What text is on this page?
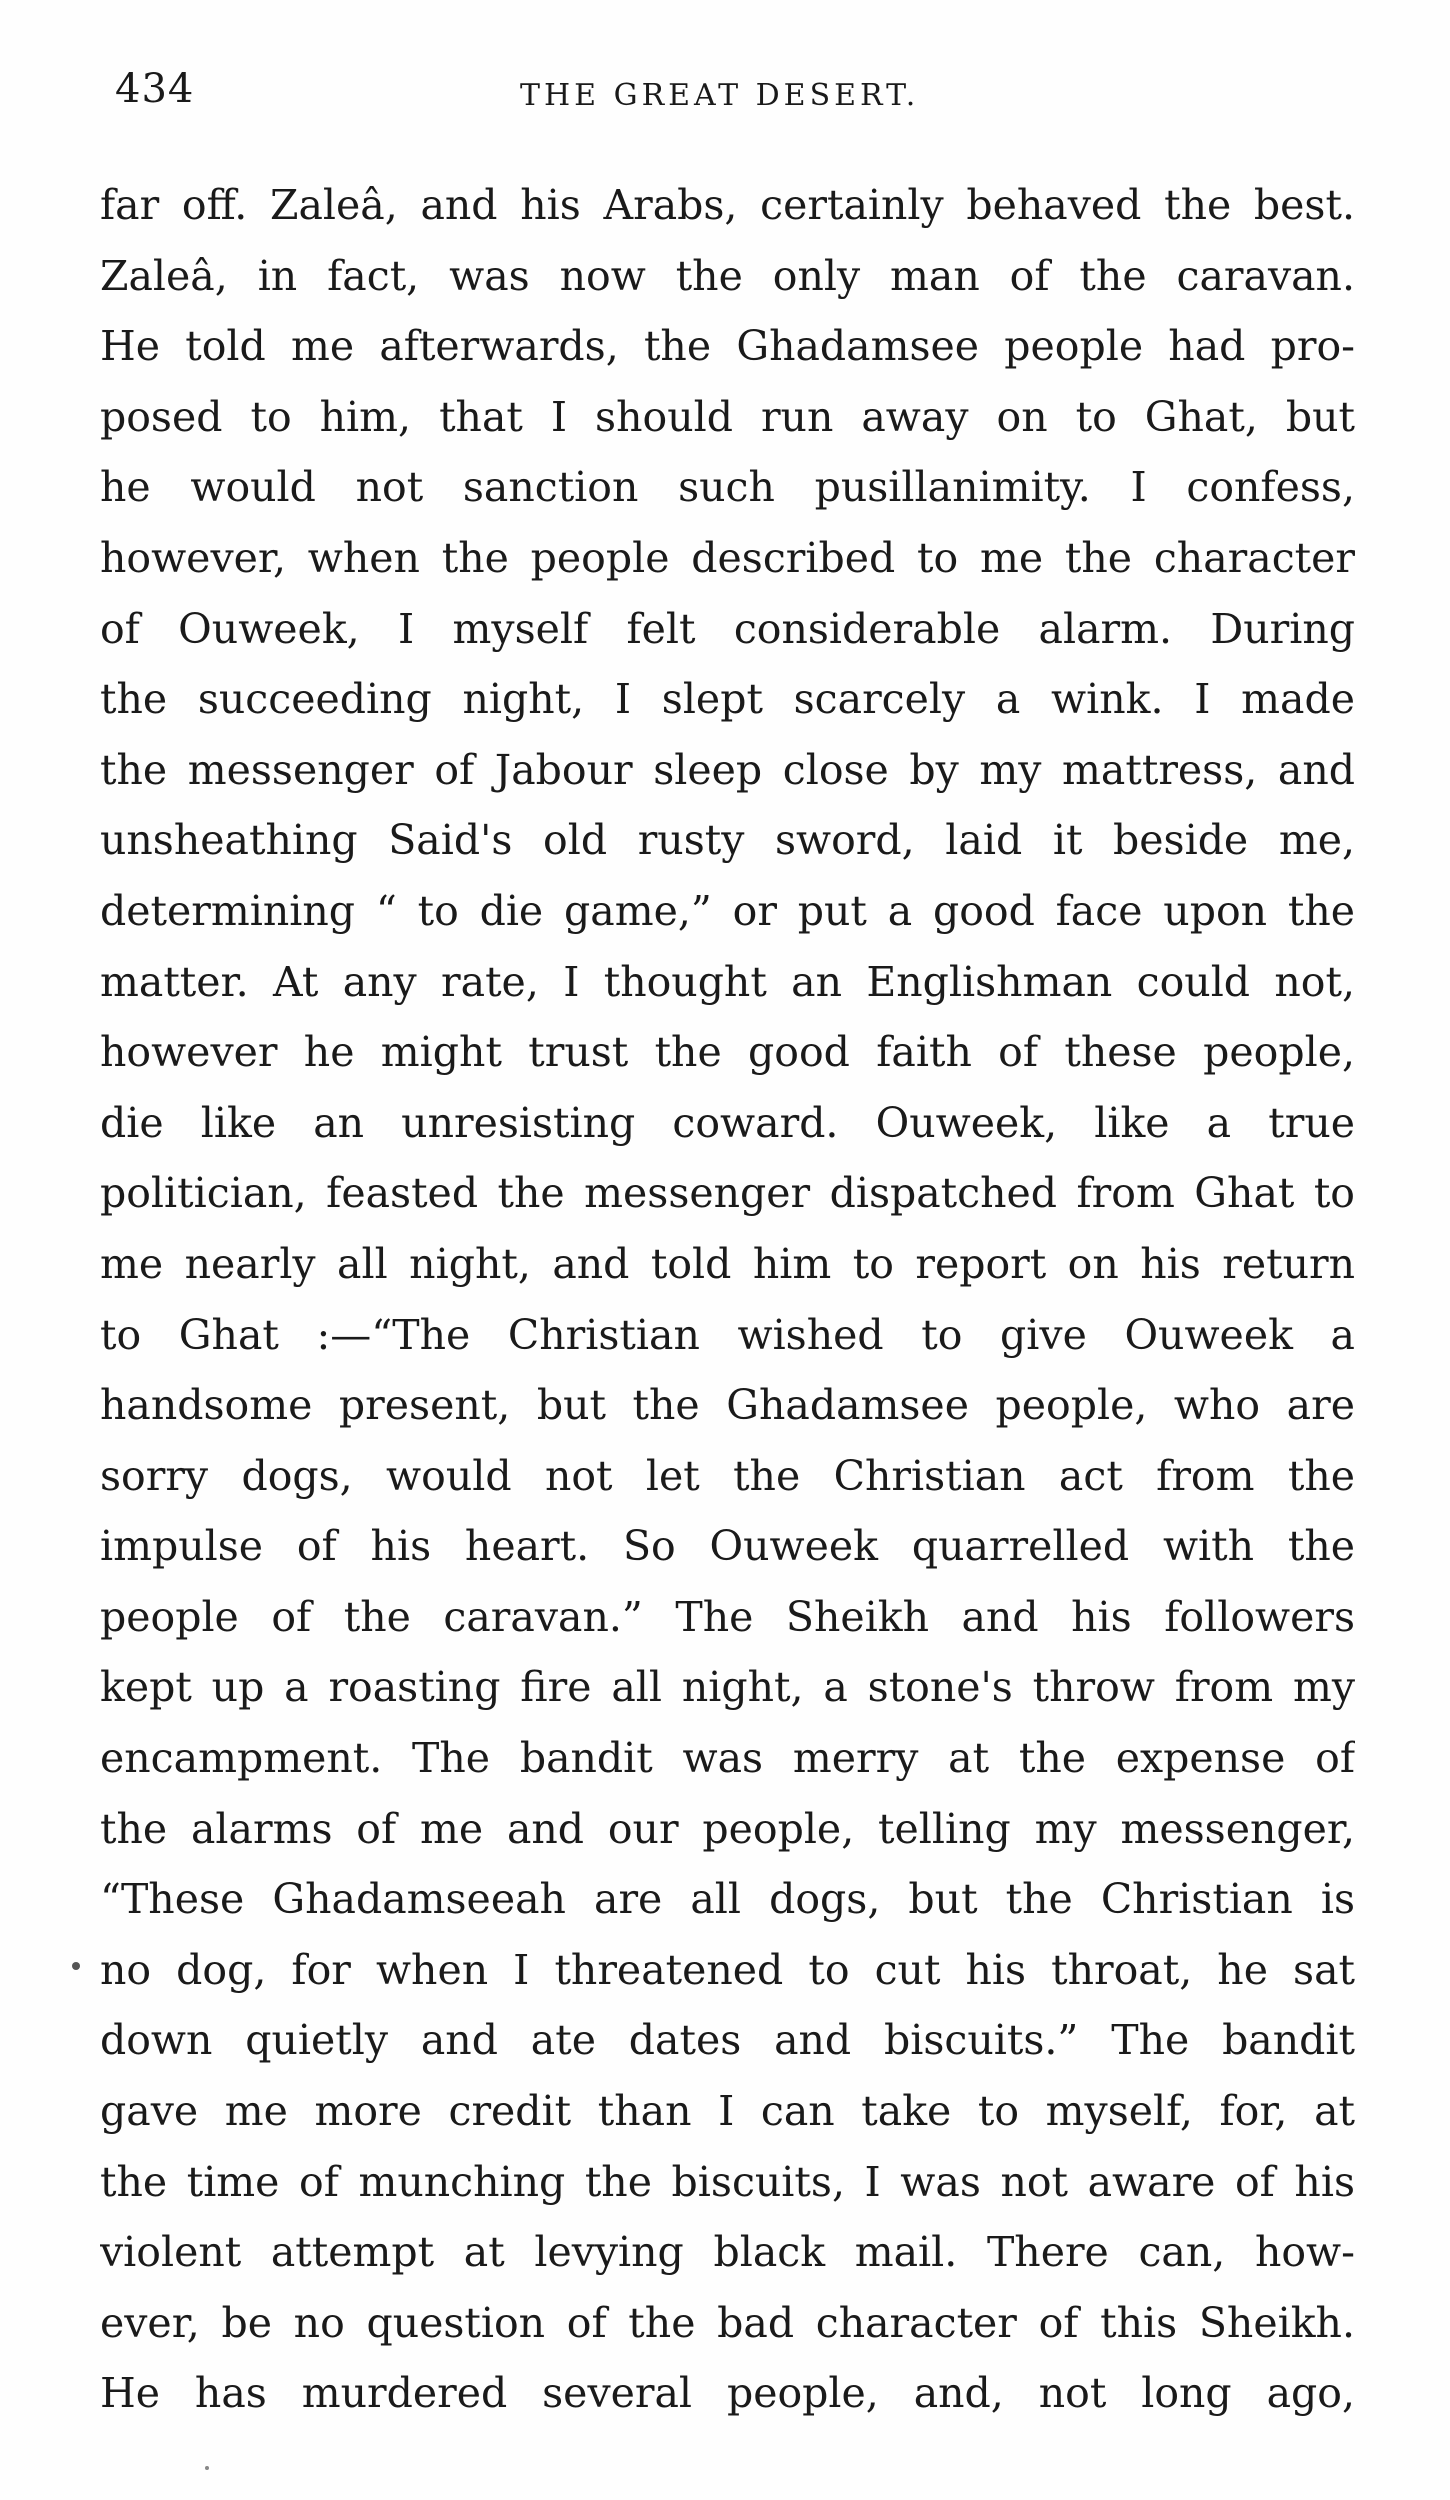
434	THE GREAT DESERT.
far off. Zaleâ, and his Arabs, certainly behaved the best.
Zaleâ, in fact, was now the only man of the caravan.
He told me afterwards, the Ghadamsee people had pro-
posed to him, that I should run away on to Ghat, but
he would not sanction such pusillanimity. I confess,
however, when the people described to me the character
of Ouweek, I myself felt considerable alarm. During
the succeeding night, I slept scarcely a wink. I made
the messenger of Jabour sleep close by my mattress, and
unsheathing Said's old rusty sword, laid it beside me,
determining “ to die game,” or put a good face upon the
matter. At any rate, I thought an Englishman could not,
however he might trust the good faith of these people,
die like an unresisting coward. Ouweek, like a true
politician, feasted the messenger dispatched from Ghat to
me nearly all night, and told him to report on his return
to Ghat :—“The Christian wished to give Ouweek a
handsome present, but the Ghadamsee people, who are
sorry dogs, would not let the Christian act from the
impulse of his heart. So Ouweek quarrelled with the
people of the caravan.” The Sheikh and his followers
kept up a roasting fire all night, a stone's throw from my
encampment. The bandit was merry at the expense of
the alarms of me and our people, telling my messenger,
“These Ghadamseeah are all dogs, but the Christian is
no dog, for when I threatened to cut his throat, he sat
down quietly and ate dates and biscuits.” The bandit
gave me more credit than I can take to myself, for, at
the time of munching the biscuits, I was not aware of his
violent attempt at levying black mail. There can, how-
ever, be no question of the bad character of this Sheikh.
He has murdered several people, and, not long ago,
